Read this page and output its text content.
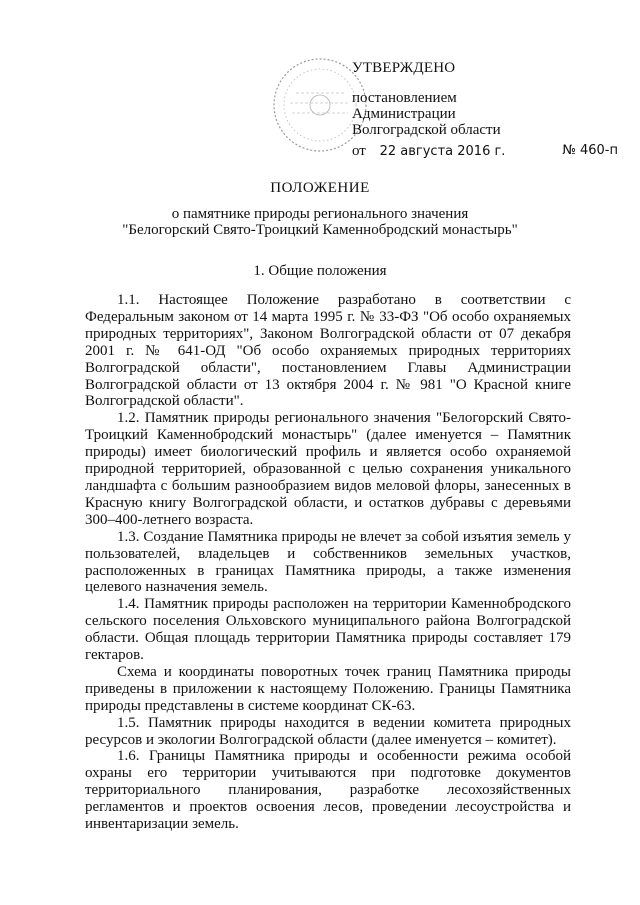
УТВЕРЖДЕНО
постановлением
Администрации
Волгоградской области
от 22 августа 2016 г.	№ 460-п
ПОЛОЖЕНИЕ
о памятнике природы регионального значения
"Белогорский Свято-Троицкий Каменнобродский монастырь"
1. Общие положения

1.1. Настоящее Положение разработано в соответствии с Федеральным законом от 14 марта 1995 г. № 33-ФЗ "Об особо охраняемых природных территориях", Законом Волгоградской области от 07 декабря 2001 г. № 641-ОД "Об особо охраняемых природных территориях Волгоградской области", постановлением Главы Администрации Волгоградской области от 13 октября 2004 г. № 981 "О Красной книге Волгоградской области".

1.2. Памятник природы регионального значения "Белогорский Свято-Троицкий Каменнобродский монастырь" (далее именуется – Памятник природы) имеет биологический профиль и является особо охраняемой природной территорией, образованной с целью сохранения уникального ландшафта с большим разнообразием видов меловой флоры, занесенных в Красную книгу Волгоградской области, и остатков дубравы с деревьями 300–400-летнего возраста.

1.3. Создание Памятника природы не влечет за собой изъятия земель у пользователей, владельцев и собственников земельных участков, расположенных в границах Памятника природы, а также изменения целевого назначения земель.

1.4. Памятник природы расположен на территории Каменнобродского сельского поселения Ольховского муниципального района Волгоградской области. Общая площадь территории Памятника природы составляет 179 гектаров.

Схема и координаты поворотных точек границ Памятника природы приведены в приложении к настоящему Положению. Границы Памятника природы представлены в системе координат СК-63.

1.5. Памятник природы находится в ведении комитета природных ресурсов и экологии Волгоградской области (далее именуется – комитет).

1.6. Границы Памятника природы и особенности режима особой охраны его территории учитываются при подготовке документов территориального планирования, разработке лесохозяйственных регламентов и проектов освоения лесов, проведении лесоустройства и инвентаризации земель.
